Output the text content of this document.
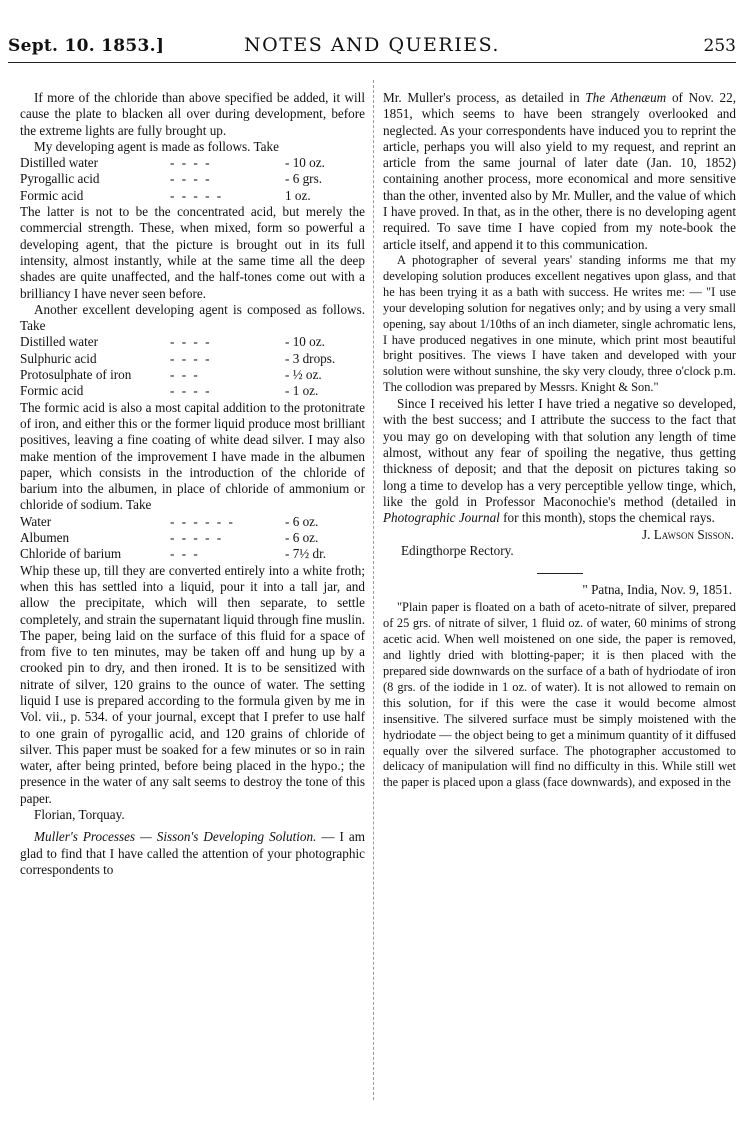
Sept. 10. 1853.]	NOTES AND QUERIES.	253

If more of the chloride than above specified be added, it will cause the plate to blacken all over during development, before the extreme lights are fully brought up.

My developing agent is made as follows. Take

Distilled water	- - - -	- 10 oz.
Pyrogallic acid	- - - -	- 6 grs.
Formic acid	- - - - -	1 oz.

The latter is not to be the concentrated acid, but merely the commercial strength. These, when mixed, form so powerful a developing agent, that the picture is brought out in its full intensity, almost instantly, while at the same time all the deep shades are quite unaffected, and the half-tones come out with a brilliancy I have never seen before.

Another excellent developing agent is composed as follows. Take

Distilled water	- - - -	- 10 oz.
Sulphuric acid	- - - -	- 3 drops.
Protosulphate of iron	- - -	- ½ oz.
Formic acid	- - - -	- 1 oz.

The formic acid is also a most capital addition to the protonitrate of iron, and either this or the former liquid produce most brilliant positives, leaving a fine coating of white dead silver. I may also make mention of the improvement I have made in the albumen paper, which consists in the introduction of the chloride of barium into the albumen, in place of chloride of ammonium or chloride of sodium. Take

Water	- - - - - -	- 6 oz.
Albumen	- - - - -	- 6 oz.
Chloride of barium	- - -	- 7½ dr.

Whip these up, till they are converted entirely into a white froth; when this has settled into a liquid, pour it into a tall jar, and allow the precipitate, which will then separate, to settle completely, and strain the supernatant liquid through fine muslin. The paper, being laid on the surface of this fluid for a space of from five to ten minutes, may be taken off and hung up by a crooked pin to dry, and then ironed. It is to be sensitized with nitrate of silver, 120 grains to the ounce of water. The setting liquid I use is prepared according to the formula given by me in Vol. vii., p. 534. of your journal, except that I prefer to use half to one grain of pyrogallic acid, and 120 grains of chloride of silver. This paper must be soaked for a few minutes or so in rain water, after being printed, before being placed in the hypo.; the presence in the water of any salt seems to destroy the tone of this paper.

Florian, Torquay.

Muller's Processes — Sisson's Developing Solution. — I am glad to find that I have called the attention of your photographic correspondents to

Mr. Muller's process, as detailed in The Athenæum of Nov. 22, 1851, which seems to have been strangely overlooked and neglected. As your correspondents have induced you to reprint the article, perhaps you will also yield to my request, and reprint an article from the same journal of later date (Jan. 10, 1852) containing another process, more economical and more sensitive than the other, invented also by Mr. Muller, and the value of which I have proved. In that, as in the other, there is no developing agent required. To save time I have copied from my note-book the article itself, and append it to this communication.

A photographer of several years' standing informs me that my developing solution produces excellent negatives upon glass, and that he has been trying it as a bath with success. He writes me: — "I use your developing solution for negatives only; and by using a very small opening, say about 1/10ths of an inch diameter, single achromatic lens, I have produced negatives in one minute, which print most beautiful bright positives. The views I have taken and developed with your solution were without sunshine, the sky very cloudy, three o'clock p.m. The collodion was prepared by Messrs. Knight & Son."

Since I received his letter I have tried a negative so developed, with the best success; and I attribute the success to the fact that you may go on developing with that solution any length of time almost, without any fear of spoiling the negative, thus getting thickness of deposit; and that the deposit on pictures taking so long a time to develop has a very perceptible yellow tinge, which, like the gold in Professor Maconochie's method (detailed in Photographic Journal for this month), stops the chemical rays.

J. Lawson Sisson.

Edingthorpe Rectory.

" Patna, India, Nov. 9, 1851.

"Plain paper is floated on a bath of aceto-nitrate of silver, prepared of 25 grs. of nitrate of silver, 1 fluid oz. of water, 60 minims of strong acetic acid. When well moistened on one side, the paper is removed, and lightly dried with blotting-paper; it is then placed with the prepared side downwards on the surface of a bath of hydriodate of iron (8 grs. of the iodide in 1 oz. of water). It is not allowed to remain on this solution, for if this were the case it would become almost insensitive. The silvered surface must be simply moistened with the hydriodate — the object being to get a minimum quantity of it diffused equally over the silvered surface. The photographer accustomed to delicacy of manipulation will find no difficulty in this. While still wet the paper is placed upon a glass (face downwards), and exposed in the
